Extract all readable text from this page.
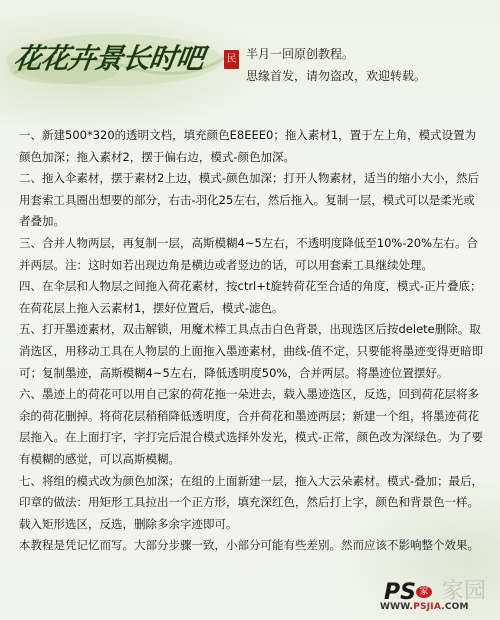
花花卉景长时吧	民 半月一回原创教程。
思缘首发，请勿盗改，欢迎转载。

一、新建500*320的透明文档，填充颜色E8EEE0；拖入素材1，置于左上角，模式设置为颜色加深；拖入素材2，摆于偏右边，模式-颜色加深。

二、拖入伞素材，摆于素材2上边，模式-颜色加深；打开人物素材，适当的缩小大小，然后用套索工具圈出想要的部分，右击-羽化25左右，然后拖入。复制一层，模式可以是柔光或者叠加。

三、合并人物两层，再复制一层，高斯模糊4~5左右，不透明度降低至10%-20%左右。合并两层。注：这时如若出现边角是横边或者竖边的话，可以用套索工具继续处理。

四、在伞层和人物层之间拖入荷花素材，按ctrl+t旋转荷花至合适的角度，模式-正片叠底；在荷花层上拖入云素材1，摆好位置后，模式-滤色。

五、打开墨迹素材，双击解锁，用魔术棒工具点击白色背景，出现选区后按delete删除。取消选区，用移动工具在人物层的上面拖入墨迹素材，曲线-值不定，只要能将墨迹变得更暗即可；复制墨迹，高斯模糊4~5左右，降低透明度50%，合并两层。将墨迹位置摆好。

六、墨迹上的荷花可以用自己家的荷花拖一朵进去，载入墨迹选区，反选，回到荷花层将多余的荷花删掉。将荷花层稍稍降低透明度，合并荷花和墨迹两层；新建一个组，将墨迹荷花层拖入。在上面打字，字打完后混合模式选择外发光，模式-正常，颜色改为深绿色。为了要有模糊的感觉，可以高斯模糊。

七、将组的模式改为颜色加深；在组的上面新建一层，拖入大云朵素材。模式-叠加；最后，印章的做法：用矩形工具拉出一个正方形，填充深红色，然后打上字，颜色和背景色一样。载入矩形选区，反选，删除多余字迹即可。

本教程是凭记忆而写。大部分步骤一致，小部分可能有些差别。然而应该不影响整个效果。

PS 家 家园
WWW.PSJIA.COM
